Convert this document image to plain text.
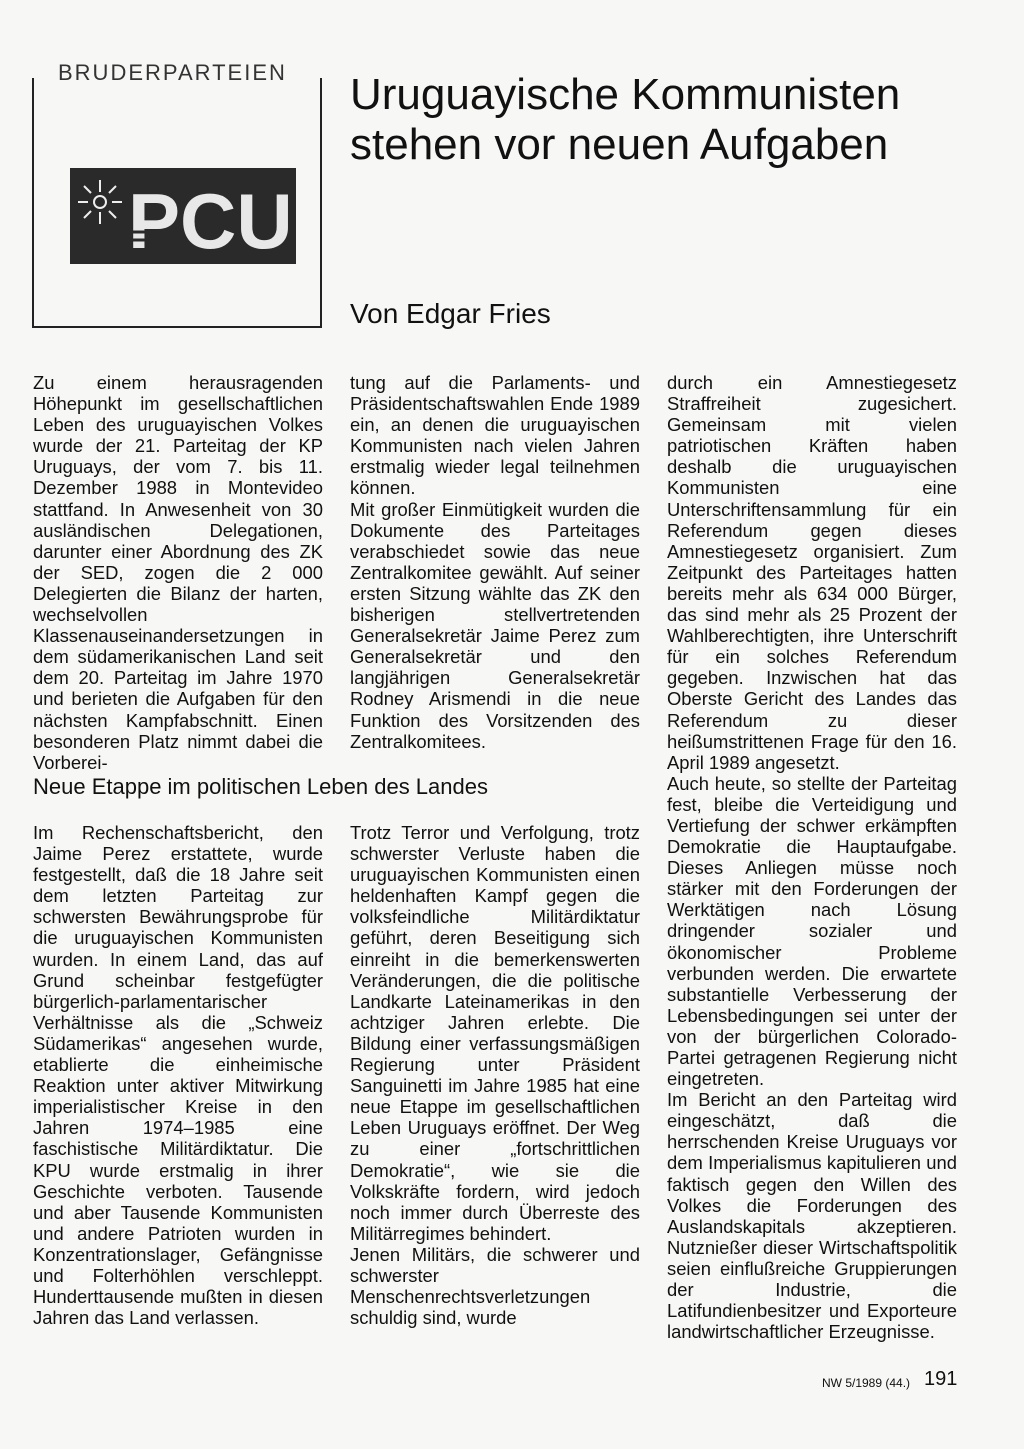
BRUDERPARTEIEN
PCU
Uruguayische Kommunisten
stehen vor neuen Aufgaben

Von Edgar Fries

Zu einem herausragenden Höhepunkt im gesellschaftlichen Leben des uruguayischen Volkes wurde der 21. Parteitag der KP Uruguays, der vom 7. bis 11. Dezember 1988 in Montevideo stattfand. In Anwesenheit von 30 ausländischen Delegationen, darunter einer Abordnung des ZK der SED, zogen die 2 000 Delegierten die Bilanz der harten, wechselvollen Klassenauseinandersetzungen in dem südamerikanischen Land seit dem 20. Parteitag im Jahre 1970 und berieten die Aufgaben für den nächsten Kampfabschnitt. Einen besonderen Platz nimmt dabei die Vorberei-

tung auf die Parlaments- und Präsidentschaftswahlen Ende 1989 ein, an denen die uruguayischen Kommunisten nach vielen Jahren erstmalig wieder legal teilnehmen können.

Mit großer Einmütigkeit wurden die Dokumente des Parteitages verabschiedet sowie das neue Zentralkomitee gewählt. Auf seiner ersten Sitzung wählte das ZK den bisherigen stellvertretenden Generalsekretär Jaime Perez zum Generalsekretär und den langjährigen Generalsekretär Rodney Arismendi in die neue Funktion des Vorsitzenden des Zentralkomitees.

durch ein Amnestiegesetz Straffreiheit zugesichert. Gemeinsam mit vielen patriotischen Kräften haben deshalb die uruguayischen Kommunisten eine Unterschriftensammlung für ein Referendum gegen dieses Amnestiegesetz organisiert. Zum Zeitpunkt des Parteitages hatten bereits mehr als 634 000 Bürger, das sind mehr als 25 Prozent der Wahlberechtigten, ihre Unterschrift für ein solches Referendum gegeben. Inzwischen hat das Oberste Gericht des Landes das Referendum zu dieser heißumstrittenen Frage für den 16. April 1989 angesetzt.

Auch heute, so stellte der Parteitag fest, bleibe die Verteidigung und Vertiefung der schwer erkämpften Demokratie die Hauptaufgabe. Dieses Anliegen müsse noch stärker mit den Forderungen der Werktätigen nach Lösung dringender sozialer und ökonomischer Probleme verbunden werden. Die erwartete substantielle Verbesserung der Lebensbedingungen sei unter der von der bürgerlichen Colorado-Partei getragenen Regierung nicht eingetreten.

Im Bericht an den Parteitag wird eingeschätzt, daß die herrschenden Kreise Uruguays vor dem Imperialismus kapitulieren und faktisch gegen den Willen des Volkes die Forderungen des Auslandskapitals akzeptieren. Nutznießer dieser Wirtschaftspolitik seien einflußreiche Gruppierungen der Industrie, die Latifundienbesitzer und Exporteure landwirtschaftlicher Erzeugnisse.

Neue Etappe im politischen Leben des Landes

Im Rechenschaftsbericht, den Jaime Perez erstattete, wurde festgestellt, daß die 18 Jahre seit dem letzten Parteitag zur schwersten Bewährungsprobe für die uruguayischen Kommunisten wurden. In einem Land, das auf Grund scheinbar festgefügter bürgerlich-parlamentarischer Verhältnisse als die „Schweiz Südamerikas“ angesehen wurde, etablierte die einheimische Reaktion unter aktiver Mitwirkung imperialistischer Kreise in den Jahren 1974–1985 eine faschistische Militärdiktatur. Die KPU wurde erstmalig in ihrer Geschichte verboten. Tausende und aber Tausende Kommunisten und andere Patrioten wurden in Konzentrationslager, Gefängnisse und Folterhöhlen verschleppt. Hunderttausende mußten in diesen Jahren das Land verlassen.

Trotz Terror und Verfolgung, trotz schwerster Verluste haben die uruguayischen Kommunisten einen heldenhaften Kampf gegen die volksfeindliche Militärdiktatur geführt, deren Beseitigung sich einreiht in die bemerkenswerten Veränderungen, die die politische Landkarte Lateinamerikas in den achtziger Jahren erlebte. Die Bildung einer verfassungsmäßigen Regierung unter Präsident Sanguinetti im Jahre 1985 hat eine neue Etappe im gesellschaftlichen Leben Uruguays eröffnet. Der Weg zu einer „fortschrittlichen Demokratie“, wie sie die Volkskräfte fordern, wird jedoch noch immer durch Überreste des Militärregimes behindert.

Jenen Militärs, die schwerer und schwerster Menschenrechtsverletzungen schuldig sind, wurde

NW 5/1989 (44.) 191
